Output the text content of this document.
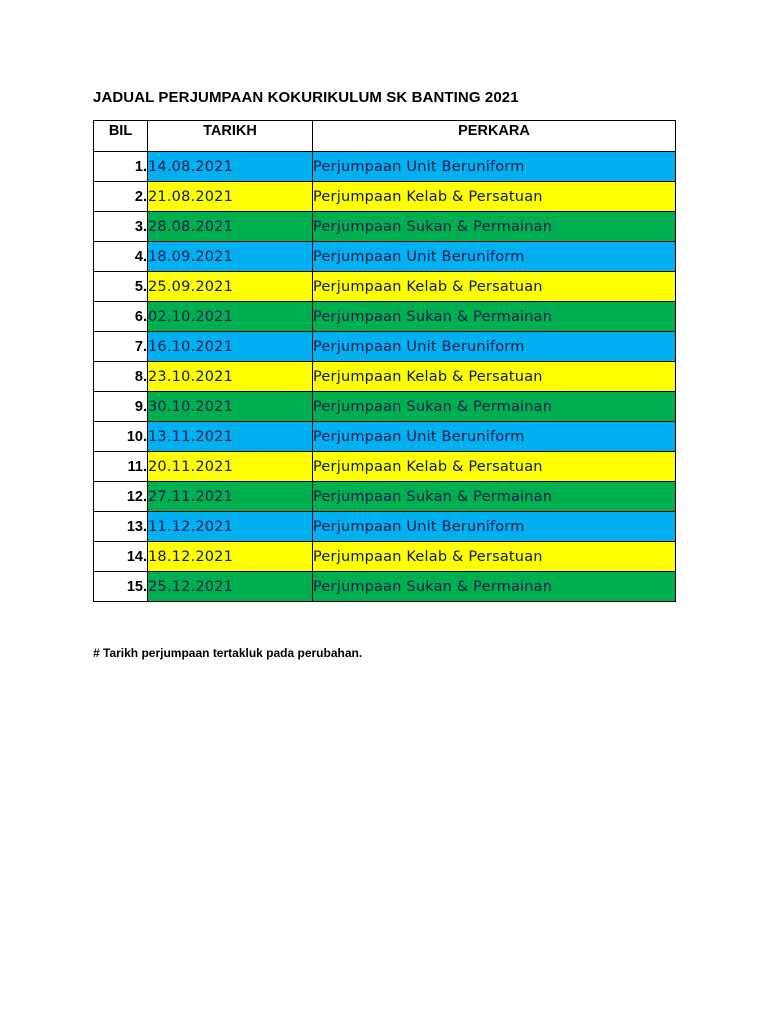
JADUAL PERJUMPAAN KOKURIKULUM SK BANTING 2021
BIL	TARIKH	PERKARA
1.	14.08.2021	Perjumpaan Unit Beruniform
2.	21.08.2021	Perjumpaan Kelab & Persatuan
3.	28.08.2021	Perjumpaan Sukan & Permainan
4.	18.09.2021	Perjumpaan Unit Beruniform
5.	25.09.2021	Perjumpaan Kelab & Persatuan
6.	02.10.2021	Perjumpaan Sukan & Permainan
7.	16.10.2021	Perjumpaan Unit Beruniform
8.	23.10.2021	Perjumpaan Kelab & Persatuan
9.	30.10.2021	Perjumpaan Sukan & Permainan
10.	13.11.2021	Perjumpaan Unit Beruniform
11.	20.11.2021	Perjumpaan Kelab & Persatuan
12.	27.11.2021	Perjumpaan Sukan & Permainan
13.	11.12.2021	Perjumpaan Unit Beruniform
14.	18.12.2021	Perjumpaan Kelab & Persatuan
15.	25.12.2021	Perjumpaan Sukan & Permainan
# Tarikh perjumpaan tertakluk pada perubahan.
